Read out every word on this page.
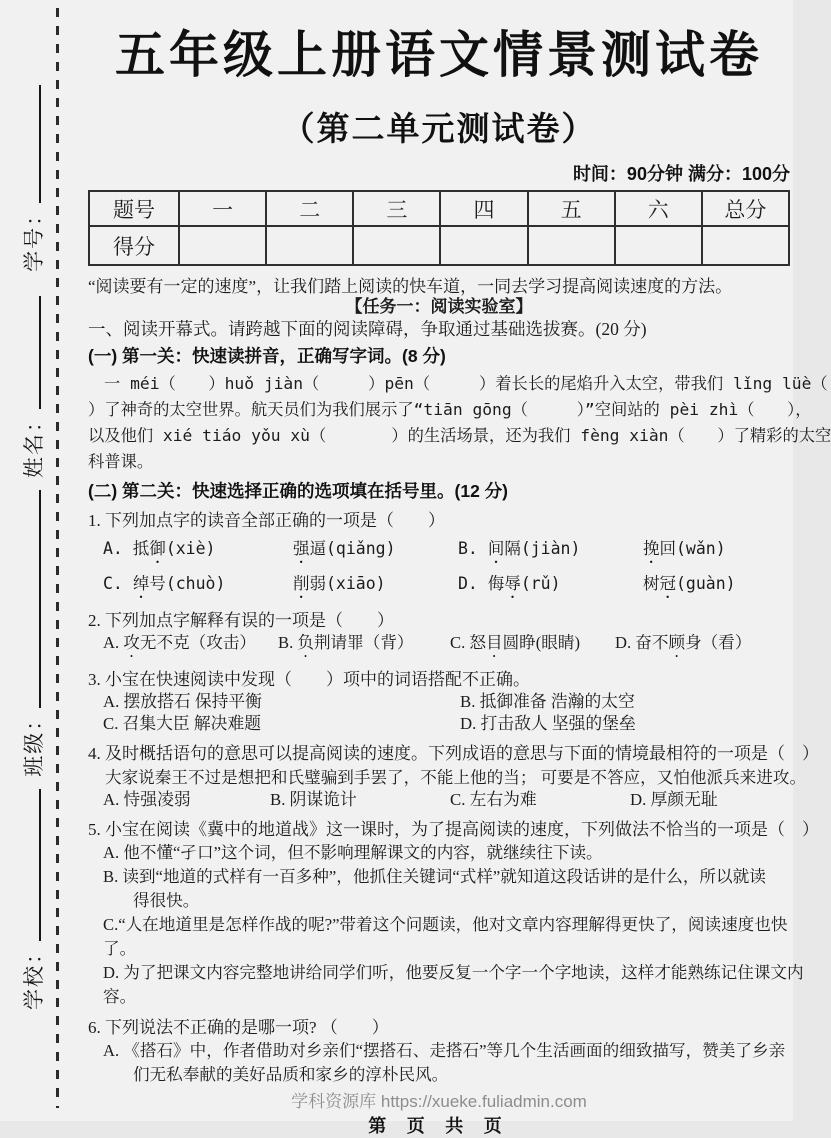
学校：
班级：
姓名：
学号：
五年级上册语文情景测试卷
（第二单元测试卷）
时间：90分钟 满分：100分
题号	一	二	三	四	五	六	总分
得分							

“阅读要有一定的速度”，让我们踏上阅读的快车道，一同去学习提高阅读速度的方法。

【任务一：阅读实验室】
一、阅读开幕式。请跨越下面的阅读障碍，争取通过基础选拔赛。(20 分)
(一) 第一关：快速读拼音，正确写字词。(8 分)
一 méi（　　）huǒ jiàn（　　　）pēn（　　　）着长长的尾焰升入太空，带我们 lǐng lüè（
）了神奇的太空世界。航天员们为我们展示了“tiān gōng（　　　）”空间站的 pèi zhì（　　），
以及他们 xié tiáo yǒu xù（　　　　）的生活场景，还为我们 fèng xiàn（　　）了精彩的太空
科普课。
(二) 第二关：快速选择正确的选项填在括号里。(12 分)
1. 下列加点字的读音全部正确的一项是（　　）
A. 抵御(xiè)	强逼(qiǎng)	B. 间隔(jiàn)	挽回(wǎn)
C. 绰号(chuò)	削弱(xiāo)	D. 侮辱(rǔ)	树冠(guàn)
2. 下列加点字解释有误的一项是（　　）
A. 攻无不克（攻击）	B. 负荆请罪（背）	C. 怒目圆睁(眼睛)	D. 奋不顾身（看）
3. 小宝在快速阅读中发现（　　）项中的词语搭配不正确。
A. 摆放搭石 保持平衡	B. 抵御准备 浩瀚的太空
C. 召集大臣 解决难题	D. 打击敌人 坚强的堡垒
4. 及时概括语句的意思可以提高阅读的速度。下列成语的意思与下面的情境最相符的一项是（　）
大家说秦王不过是想把和氏璧骗到手罢了，不能上他的当； 可要是不答应，又怕他派兵来进攻。
A. 恃强凌弱	B. 阴谋诡计	C. 左右为难	D. 厚颜无耻
5. 小宝在阅读《冀中的地道战》这一课时，为了提高阅读的速度，下列做法不恰当的一项是（　）
A. 他不懂“孑口”这个词，但不影响理解课文的内容，就继续往下读。
B. 读到“地道的式样有一百多种”，他抓住关键词“式样”就知道这段话讲的是什么，所以就读
得很快。
C.“人在地道里是怎样作战的呢?”带着这个问题读，他对文章内容理解得更快了，阅读速度也快
了。
D. 为了把课文内容完整地讲给同学们听，他要反复一个字一个字地读，这样才能熟练记住课文内
容。
6. 下列说法不正确的是哪一项? （　　）
A. 《搭石》中，作者借助对乡亲们“摆搭石、走搭石”等几个生活画面的细致描写，赞美了乡亲
们无私奉献的美好品质和家乡的淳朴民风。
学科资源库 https://xueke.fuliadmin.com
第 页 共 页
